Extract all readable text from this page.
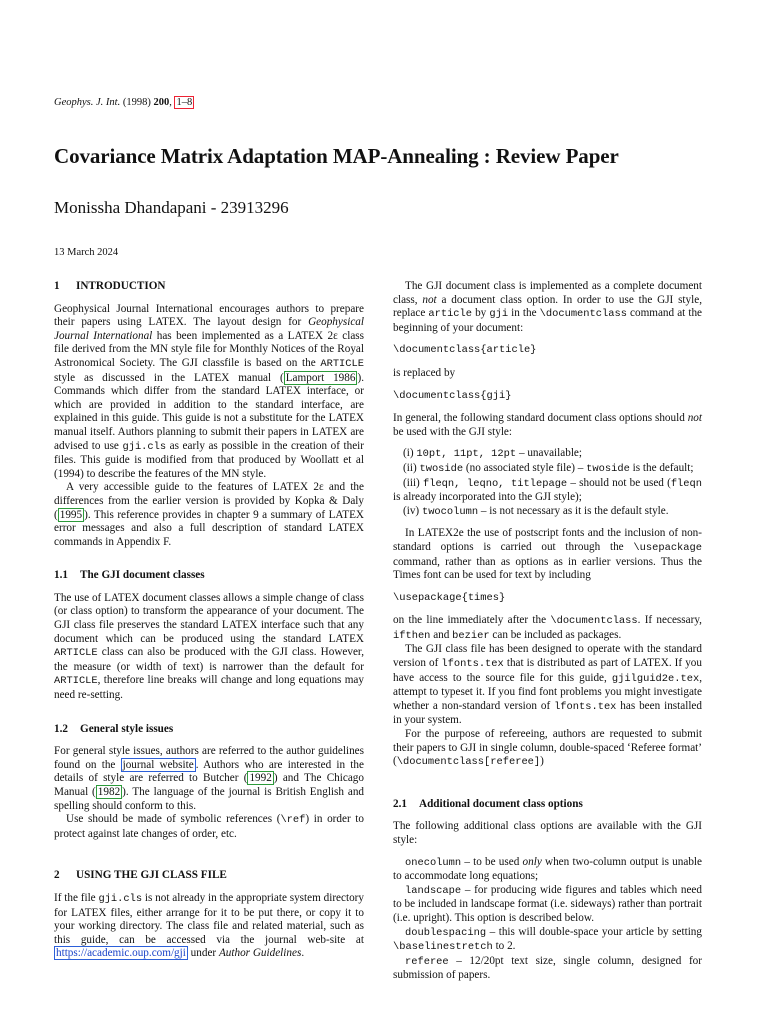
Geophys. J. Int. (1998) 200, 1–8
Covariance Matrix Adaptation MAP-Annealing : Review Paper
Monissha Dhandapani - 23913296
13 March 2024
1 INTRODUCTION

Geophysical Journal International encourages authors to prepare their papers using LATEX. The layout design for Geophysical Journal International has been implemented as a LATEX 2ε class file derived from the MN style file for Monthly Notices of the Royal Astronomical Society. The GJI classfile is based on the ARTICLE style as discussed in the LATEX manual ( Lamport 1986 ). Commands which differ from the standard LATEX interface, or which are provided in addition to the standard interface, are explained in this guide. This guide is not a substitute for the LATEX manual itself. Authors planning to submit their papers in LATEX are advised to use gji.cls as early as possible in the creation of their files. This guide is modified from that produced by Woollatt et al (1994) to describe the features of the MN style.

A very accessible guide to the features of LATEX 2ε and the differences from the earlier version is provided by Kopka & Daly ( 1995 ). This reference provides in chapter 9 a summary of LATEX error messages and also a full description of standard LATEX commands in Appendix F.

1.1 The GJI document classes

The use of LATEX document classes allows a simple change of class (or class option) to transform the appearance of your document. The GJI class file preserves the standard LATEX interface such that any document which can be produced using the standard LATEX ARTICLE class can also be produced with the GJI class. However, the measure (or width of text) is narrower than the default for ARTICLE, therefore line breaks will change and long equations may need re-setting.

1.2 General style issues

For general style issues, authors are referred to the author guidelines found on the journal website . Authors who are interested in the details of style are referred to Butcher ( 1992 ) and The Chicago Manual ( 1982 ). The language of the journal is British English and spelling should conform to this.

Use should be made of symbolic references (\ref) in order to protect against late changes of order, etc.

2 USING THE GJI CLASS FILE

If the file gji.cls is not already in the appropriate system directory for LATEX files, either arrange for it to be put there, or copy it to your working directory. The class file and related material, such as this guide, can be accessed via the journal web-site at https://academic.oup.com/gji under Author Guidelines.

The GJI document class is implemented as a complete document class, not a document class option. In order to use the GJI style, replace article by gji in the \documentclass command at the beginning of your document:

\documentclass{article}

is replaced by

\documentclass{gji}

In general, the following standard document class options should not be used with the GJI style:

(i) 10pt, 11pt, 12pt – unavailable;
(ii) twoside (no associated style file) – twoside is the default;
(iii) fleqn, leqno, titlepage – should not be used (fleqn is already incorporated into the GJI style);
(iv) twocolumn – is not necessary as it is the default style.

In LATEX2e the use of postscript fonts and the inclusion of non-standard options is carried out through the \usepackage command, rather than as options as in earlier versions. Thus the Times font can be used for text by including

\usepackage{times}

on the line immediately after the \documentclass. If necessary, ifthen and bezier can be included as packages.

The GJI class file has been designed to operate with the standard version of lfonts.tex that is distributed as part of LATEX. If you have access to the source file for this guide, gjilguid2e.tex, attempt to typeset it. If you find font problems you might investigate whether a non-standard version of lfonts.tex has been installed in your system.

For the purpose of refereeing, authors are requested to submit their papers to GJI in single column, double-spaced ‘Referee format’ (\documentclass[referee])

2.1 Additional document class options

The following additional class options are available with the GJI style:

onecolumn – to be used only when two-column output is unable to accommodate long equations;

landscape – for producing wide figures and tables which need to be included in landscape format (i.e. sideways) rather than portrait (i.e. upright). This option is described below.

doublespacing – this will double-space your article by setting \baselinestretch to 2.

referee – 12/20pt text size, single column, designed for submission of papers.
